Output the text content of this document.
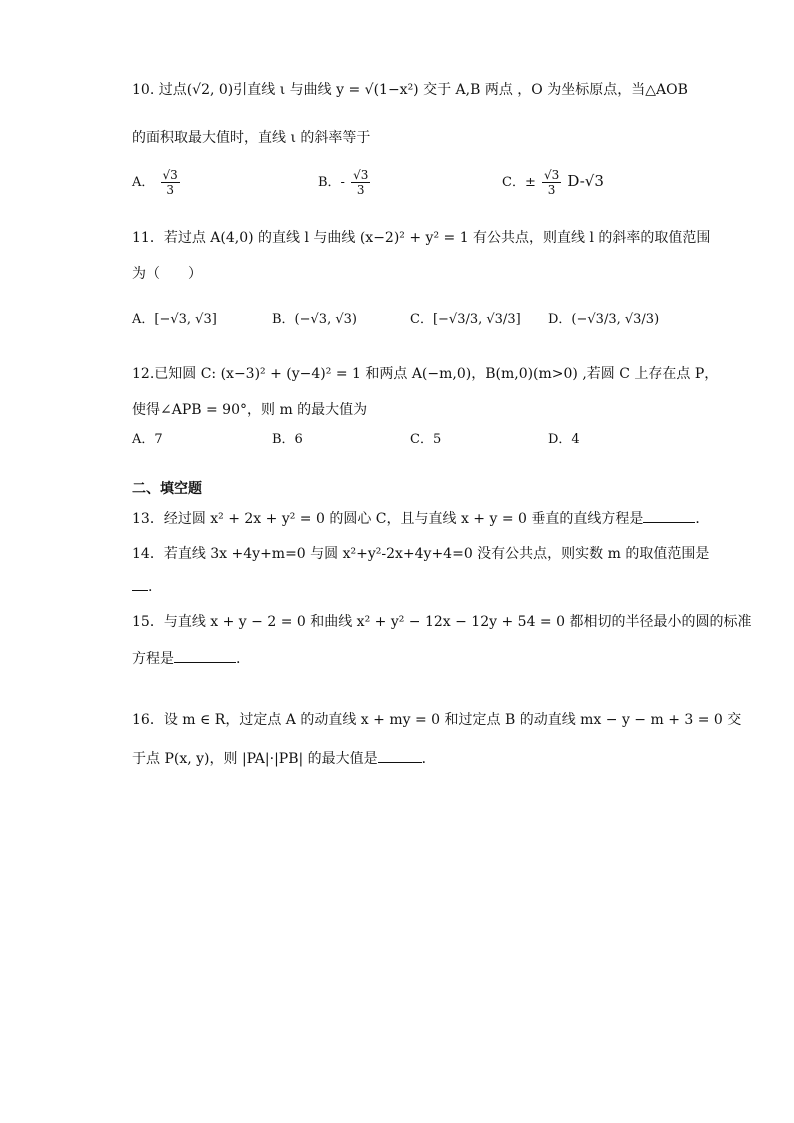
10. 过点(√2, 0)引直线 ι 与曲线 y = √(1−x²) 交于 A,B 两点 ，O 为坐标原点，当△AOB
的面积取最大值时，直线 ι 的斜率等于
A． $\frac{√3}{3}$	B．- $\frac{√3}{3}$	C．± $\frac{√3}{3} D-√3$
11．若过点 A(4,0) 的直线 l 与曲线 (x−2)² + y² = 1 有公共点，则直线 l 的斜率的取值范围
为（　　）
A．[−√3, √3]	B．(−√3, √3)	C．[−√3/3, √3/3] D．(−√3/3, √3/3)
12.已知圆 C: (x−3)² + (y−4)² = 1 和两点 A(−m,0)，B(m,0)(m>0) ,若圆 C 上存在点 P，
使得∠APB = 90°，则 m 的最大值为
A．7	B．6	C．5	D．4
二、填空题
13．经过圆 x² + 2x + y² = 0 的圆心 C，且与直线 x + y = 0 垂直的直线方程是	．
14．若直线 3x +4y+m=0 与圆 x²+y²-2x+4y+4=0 没有公共点，则实数 m 的取值范围是
.
15．与直线 x + y − 2 = 0 和曲线 x² + y² − 12x − 12y + 54 = 0 都相切的半径最小的圆的标准
方程是	.
16．设 m ∈ R，过定点 A 的动直线 x + my = 0 和过定点 B 的动直线 mx − y − m + 3 = 0 交
于点 P(x, y)，则 |PA|·|PB| 的最大值是	．
